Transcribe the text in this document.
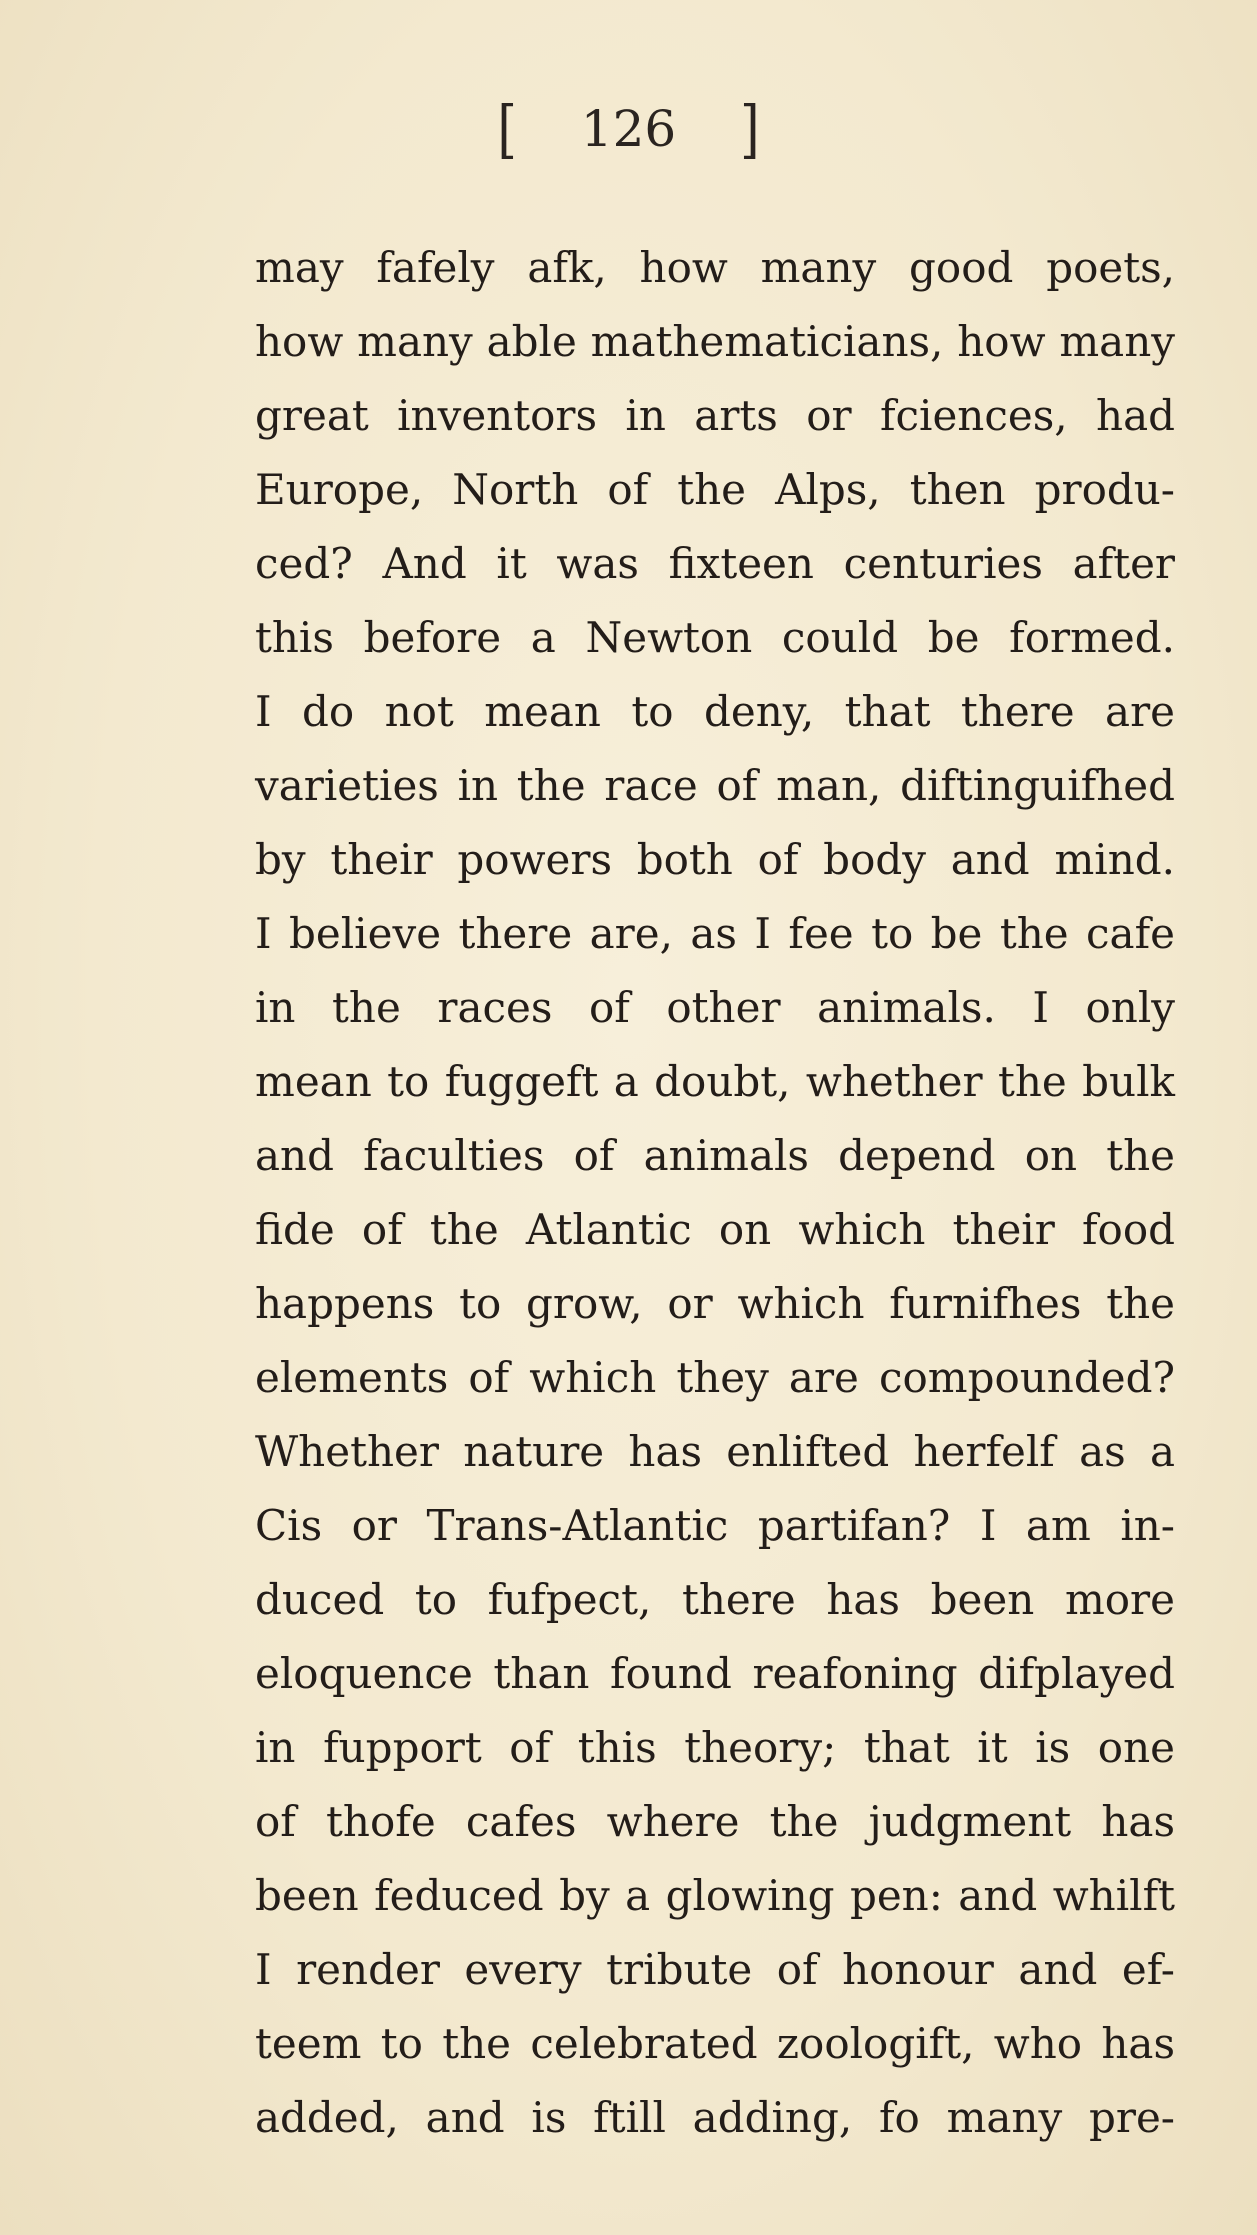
[ 126 ]
may fafely afk, how many good poets,
how many able mathematicians, how many
great inventors in arts or fciences, had
Europe, North of the Alps, then produ-
ced? And it was fixteen centuries after
this before a Newton could be formed.
I do not mean to deny, that there are
varieties in the race of man, diftinguifhed
by their powers both of body and mind.
I believe there are, as I fee to be the cafe
in the races of other animals. I only
mean to fuggeft a doubt, whether the bulk
and faculties of animals depend on the
fide of the Atlantic on which their food
happens to grow, or which furnifhes the
elements of which they are compounded?
Whether nature has enlifted herfelf as a
Cis or Trans-Atlantic partifan? I am in-
duced to fufpect, there has been more
eloquence than found reafoning difplayed
in fupport of this theory; that it is one
of thofe cafes where the judgment has
been feduced by a glowing pen: and whilft
I render every tribute of honour and ef-
teem to the celebrated zoologift, who has
added, and is ftill adding, fo many pre-
